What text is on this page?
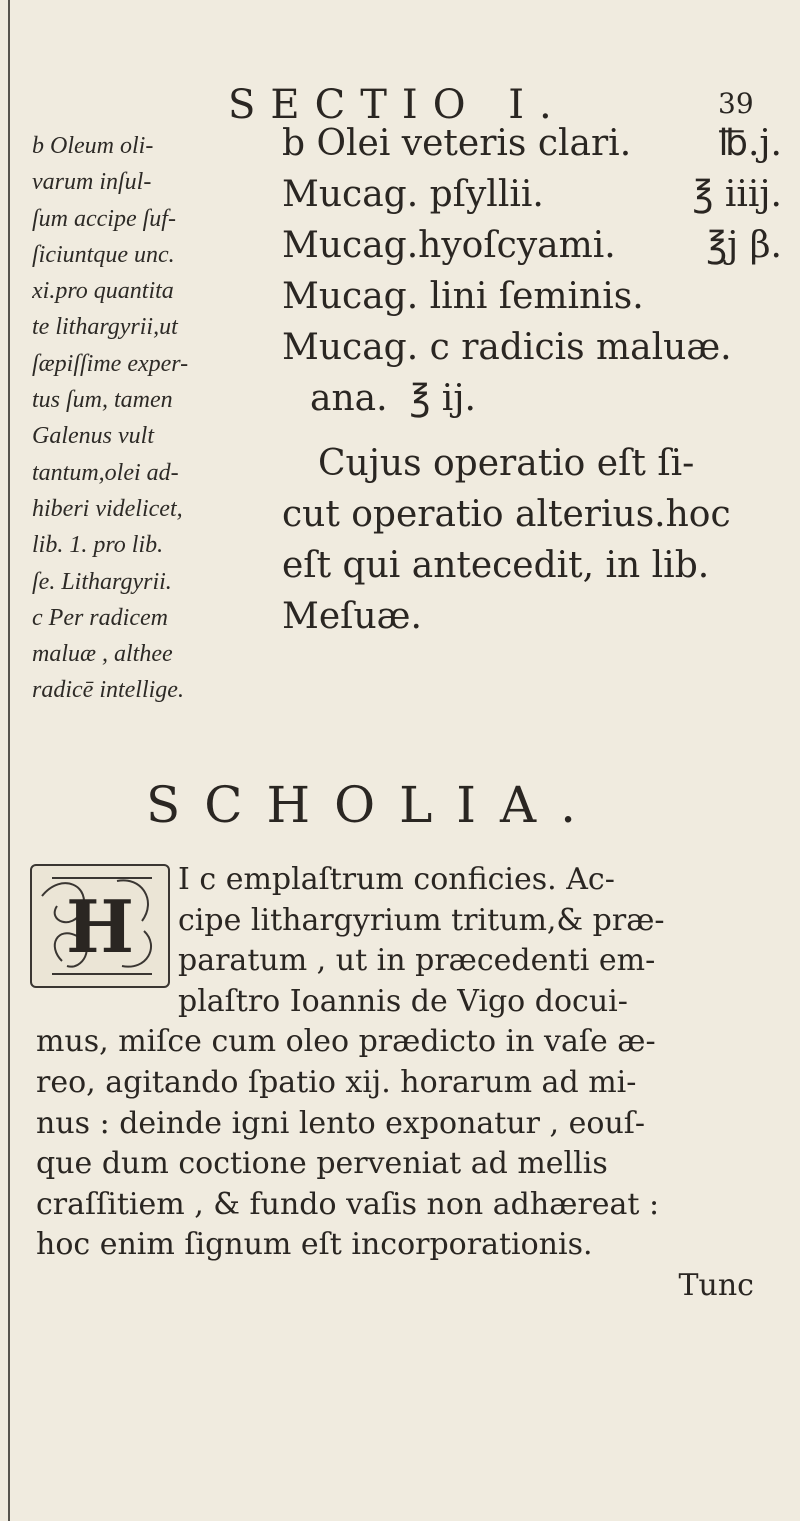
SECTIO I.	39
b Oleum oli-
varum inſul-
ſum accipe ſuf-
ſiciuntque unc.
xi.pro quantita
te lithargyrii,ut
ſæpiſſime exper-
tus ſum, tamen
Galenus vult
tantum,olei ad-
hiberi videlicet,
lib. 1. pro lib.
ſe. Lithargyrii.
c Per radicem
maluæ , althee
radicē intellige.
b Olei veteris clari. ℔.j.
Mucag. pſyllii.	℥ iiij.
Mucag.hyoſcyami.	℥j β.
Mucag. lini ſeminis.
Mucag. c radicis maluæ.
ana. ℥ ij.
Cujus operatio eſt ſi-
cut operatio alterius.hoc
eſt qui antecedit, in lib.
Meſuæ.
SCHOLIA.
H
I c emplaſtrum conficies. Ac-
cipe lithargyrium tritum,& præ-
paratum , ut in præcedenti em-
plaſtro Ioannis de Vigo docui-
mus, miſce cum oleo prædicto in vaſe æ-
reo, agitando ſpatio xij. horarum ad mi-
nus : deinde igni lento exponatur , eouſ-
que dum coctione perveniat ad mellis
craſſitiem , & fundo vaſis non adhæreat :
hoc enim ſignum eſt incorporationis.
Tunc
